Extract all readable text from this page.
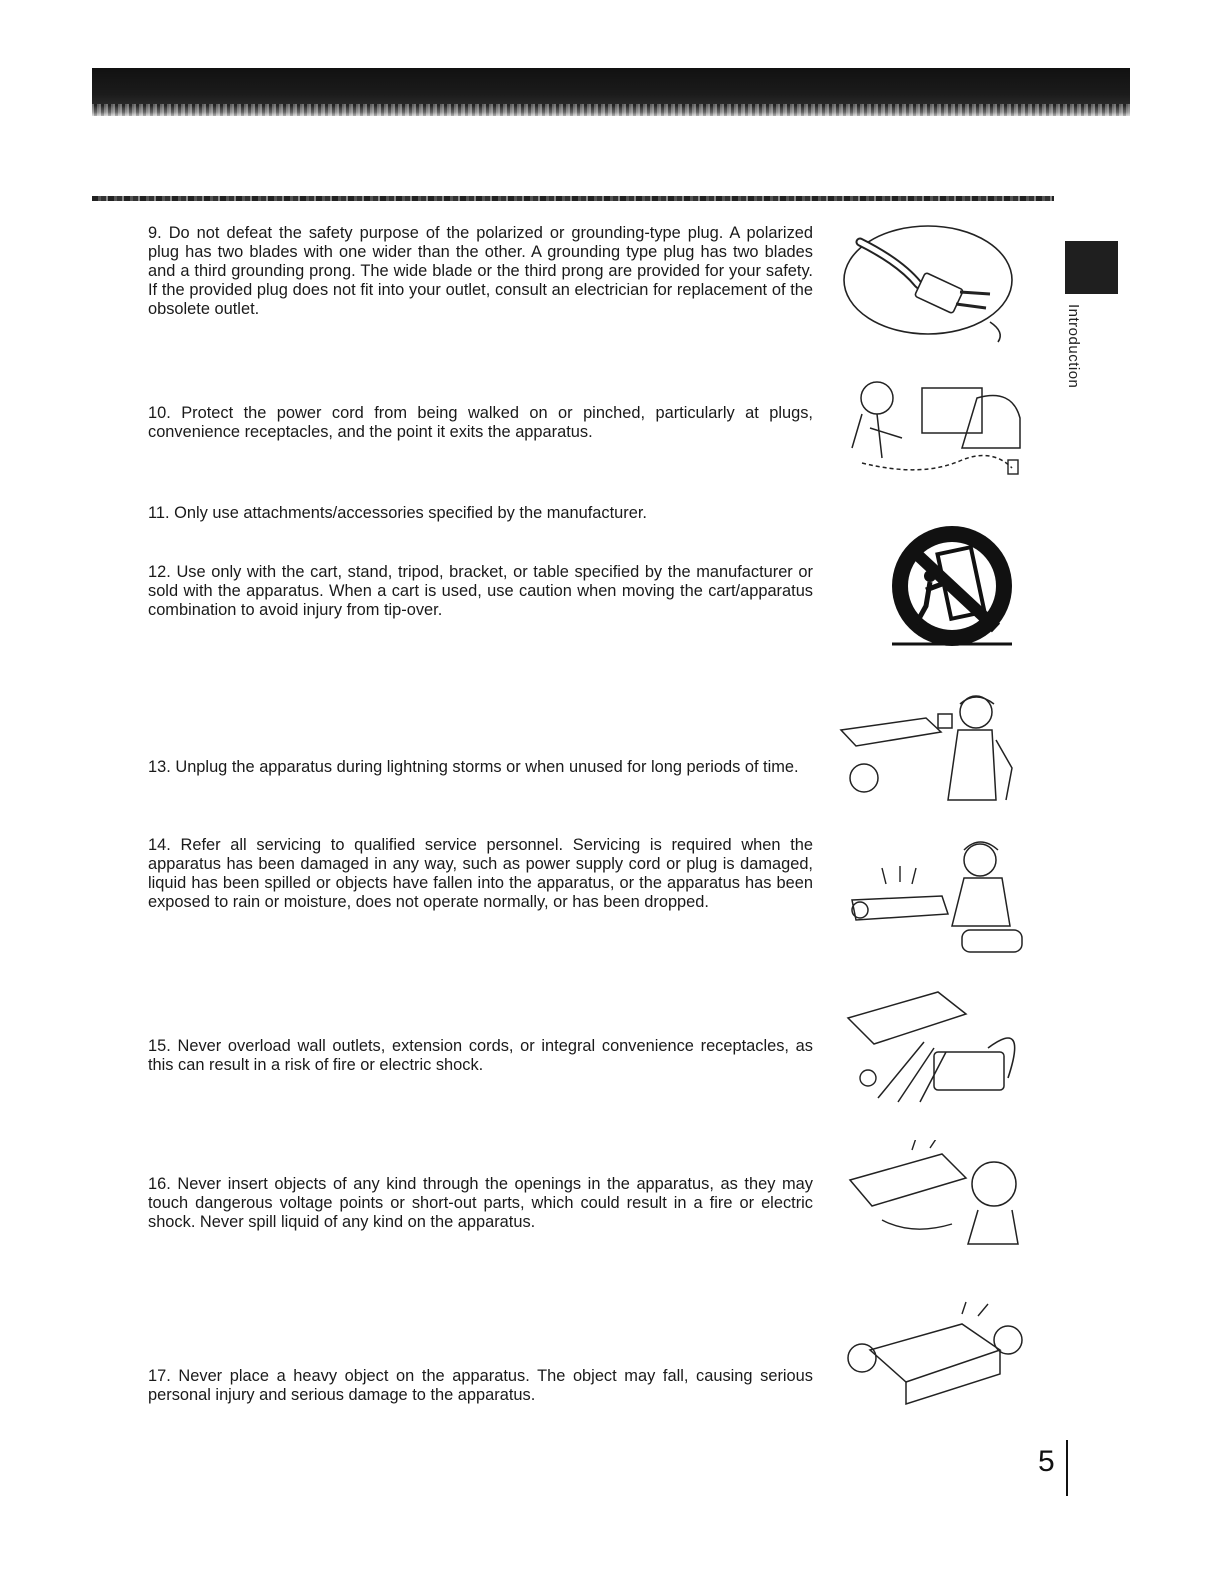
Introduction
9. Do not defeat the safety purpose of the polarized or grounding-type plug. A polarized plug has two blades with one wider than the other. A grounding type plug has two blades and a third grounding prong. The wide blade or the third prong are provided for your safety. If the provided plug does not fit into your outlet, consult an electrician for replacement of the obsolete outlet.
10. Protect the power cord from being walked on or pinched, particularly at plugs, convenience receptacles, and the point it exits the apparatus.
11. Only use attachments/accessories specified by the manufacturer.
12. Use only with the cart, stand, tripod, bracket, or table specified by the manufacturer or sold with the apparatus. When a cart is used, use caution when moving the cart/apparatus combination to avoid injury from tip-over.
13. Unplug the apparatus during lightning storms or when unused for long periods of time.
14. Refer all servicing to qualified service personnel. Servicing is required when the apparatus has been damaged in any way, such as power supply cord or plug is damaged, liquid has been spilled or objects have fallen into the apparatus, or the apparatus has been exposed to rain or moisture, does not operate normally, or has been dropped.
15. Never overload wall outlets, extension cords, or integral convenience receptacles, as this can result in a risk of fire or electric shock.
16. Never insert objects of any kind through the openings in the apparatus, as they may touch dangerous voltage points or short-out parts, which could result in a fire or electric shock. Never spill liquid of any kind on the apparatus.
17. Never place a heavy object on the apparatus. The object may fall, causing serious personal injury and serious damage to the apparatus.
5
